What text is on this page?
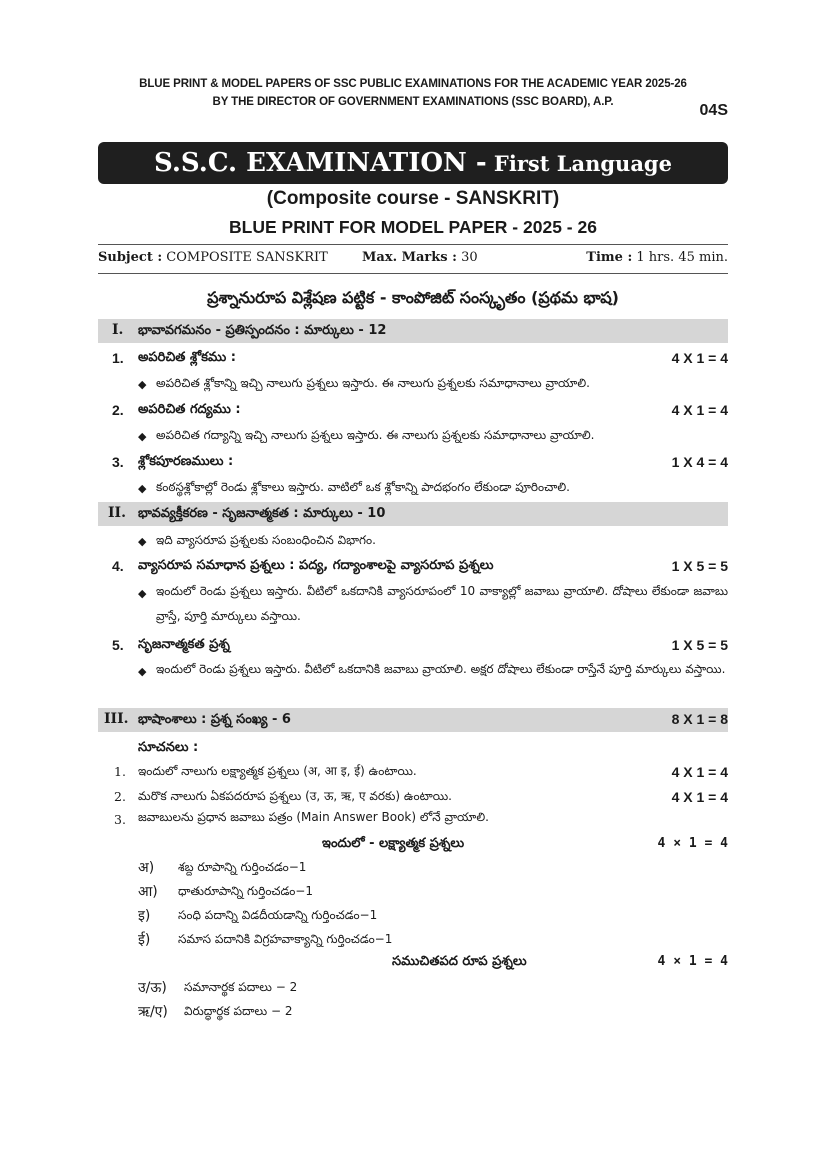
BLUE PRINT & MODEL PAPERS OF SSC PUBLIC EXAMINATIONS FOR THE ACADEMIC YEAR 2025-26
BY THE DIRECTOR OF GOVERNMENT EXAMINATIONS (SSC BOARD), A.P.	04S
S.S.C. EXAMINATION - First Language
(Composite course - SANSKRIT)
BLUE PRINT FOR MODEL PAPER - 2025 - 26
Subject : COMPOSITE SANSKRIT	Max. Marks : 30	Time : 1 hrs. 45 min.
ప్రశ్నానురూప విశ్లేషణ పట్టిక - కాంపోజిట్ సంస్కృతం (ప్రథమ భాష)
I. భావావగమనం - ప్రతిస్పందనం : మార్కులు - 12
1. అపరిచిత శ్లోకము :	4 X 1 = 4
◆ అపరిచిత శ్లోకాన్ని ఇచ్చి నాలుగు ప్రశ్నలు ఇస్తారు. ఈ నాలుగు ప్రశ్నలకు సమాధానాలు వ్రాయాలి.
2. అపరిచిత గద్యము :	4 X 1 = 4
◆ అపరిచిత గద్యాన్ని ఇచ్చి నాలుగు ప్రశ్నలు ఇస్తారు. ఈ నాలుగు ప్రశ్నలకు సమాధానాలు వ్రాయాలి.
3. శ్లోకపూరణములు :	1 X 4 = 4
◆ కంఠస్థశ్లోకాల్లో రెండు శ్లోకాలు ఇస్తారు. వాటిలో ఒక శ్లోకాన్ని పాదభంగం లేకుండా పూరించాలి.
II. భావవ్యక్తీకరణ - సృజనాత్మకత : మార్కులు - 10
◆ ఇది వ్యాసరూప ప్రశ్నలకు సంబంధించిన విభాగం.
4. వ్యాసరూప సమాధాన ప్రశ్నలు : పద్య, గద్యాంశాలపై వ్యాసరూప ప్రశ్నలు	1 X 5 = 5
◆ ఇందులో రెండు ప్రశ్నలు ఇస్తారు. వీటిలో ఒకదానికి వ్యాసరూపంలో 10 వాక్యాల్లో జవాబు వ్రాయాలి. దోషాలు లేకుండా జవాబు వ్రాస్తే, పూర్తి మార్కులు వస్తాయి.
5. సృజనాత్మకత ప్రశ్న	1 X 5 = 5
◆ ఇందులో రెండు ప్రశ్నలు ఇస్తారు. వీటిలో ఒకదానికి జవాబు వ్రాయాలి. అక్షర దోషాలు లేకుండా రాస్తేనే పూర్తి మార్కులు వస్తాయి.
III. భాషాంశాలు : ప్రశ్న సంఖ్య - 6	8 X 1 = 8
సూచనలు :
1. ఇందులో నాలుగు లక్ష్యాత్మక ప్రశ్నలు (अ, आ इ, ई) ఉంటాయి.	4 X 1 = 4
2. మరొక నాలుగు ఏకపదరూప ప్రశ్నలు (उ, ऊ, ऋ, ए వరకు) ఉంటాయి.	4 X 1 = 4
3. జవాబులను ప్రధాన జవాబు పత్రం (Main Answer Book) లోనే వ్రాయాలి.
ఇందులో - లక్ష్యాత్మక ప్రశ్నలు	4 × 1 = 4
अ) శబ్ద రూపాన్ని గుర్తించడం−1
आ) ధాతురూపాన్ని గుర్తించడం−1
इ) సంధి పదాన్ని విడదీయడాన్ని గుర్తించడం−1
ई) సమాస పదానికి విగ్రహవాక్యాన్ని గుర్తించడం−1
సముచితపద రూప ప్రశ్నలు	4 × 1 = 4
उ/ऊ) సమానార్థక పదాలు − 2
ऋ/ए) విరుద్ధార్థక పదాలు − 2
